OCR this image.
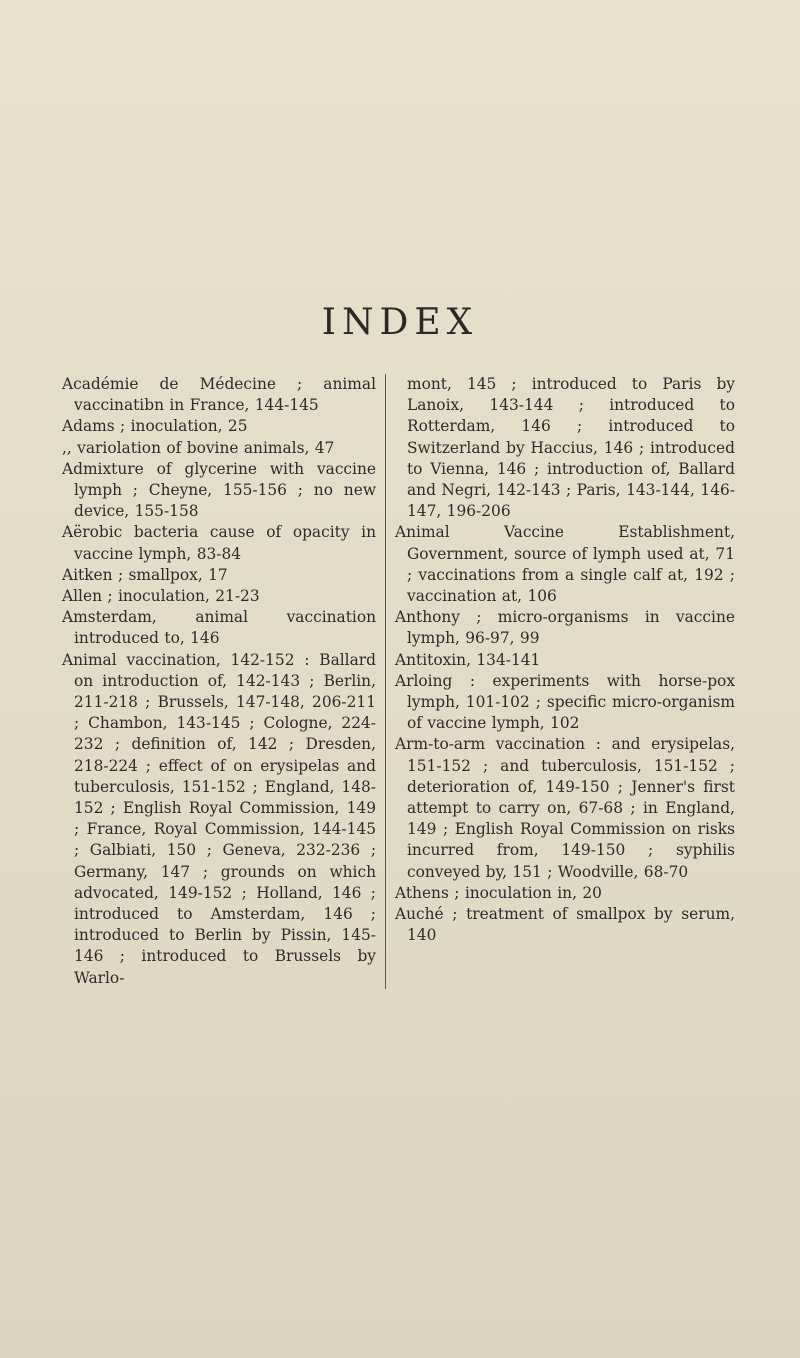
INDEX

Académie de Médecine ; animal vaccinatibn in France, 144-145

Adams ; inoculation, 25

,, variolation of bovine animals, 47

Admixture of glycerine with vaccine lymph ; Cheyne, 155-156 ; no new device, 155-158

Aërobic bacteria cause of opacity in vaccine lymph, 83-84

Aitken ; smallpox, 17

Allen ; inoculation, 21-23

Amsterdam, animal vaccination introduced to, 146

Animal vaccination, 142-152 : Ballard on introduction of, 142-143 ; Berlin, 211-218 ; Brussels, 147-148, 206-211 ; Chambon, 143-145 ; Cologne, 224-232 ; definition of, 142 ; Dresden, 218-224 ; effect of on erysipelas and tuberculosis, 151-152 ; England, 148-152 ; English Royal Commission, 149 ; France, Royal Commission, 144-145 ; Galbiati, 150 ; Geneva, 232-236 ; Germany, 147 ; grounds on which advocated, 149-152 ; Holland, 146 ; introduced to Amsterdam, 146 ; introduced to Berlin by Pissin, 145-146 ; introduced to Brussels by Warlo-

mont, 145 ; introduced to Paris by Lanoix, 143-144 ; introduced to Rotterdam, 146 ; introduced to Switzerland by Haccius, 146 ; introduced to Vienna, 146 ; introduction of, Ballard and Negri, 142-143 ; Paris, 143-144, 146-147, 196-206

Animal Vaccine Establishment, Government, source of lymph used at, 71 ; vaccinations from a single calf at, 192 ; vaccination at, 106

Anthony ; micro-organisms in vaccine lymph, 96-97, 99

Antitoxin, 134-141

Arloing : experiments with horse-pox lymph, 101-102 ; specific micro-organism of vaccine lymph, 102

Arm-to-arm vaccination : and erysipelas, 151-152 ; and tuberculosis, 151-152 ; deterioration of, 149-150 ; Jenner's first attempt to carry on, 67-68 ; in England, 149 ; English Royal Commission on risks incurred from, 149-150 ; syphilis conveyed by, 151 ; Woodville, 68-70

Athens ; inoculation in, 20

Auché ; treatment of smallpox by serum, 140
